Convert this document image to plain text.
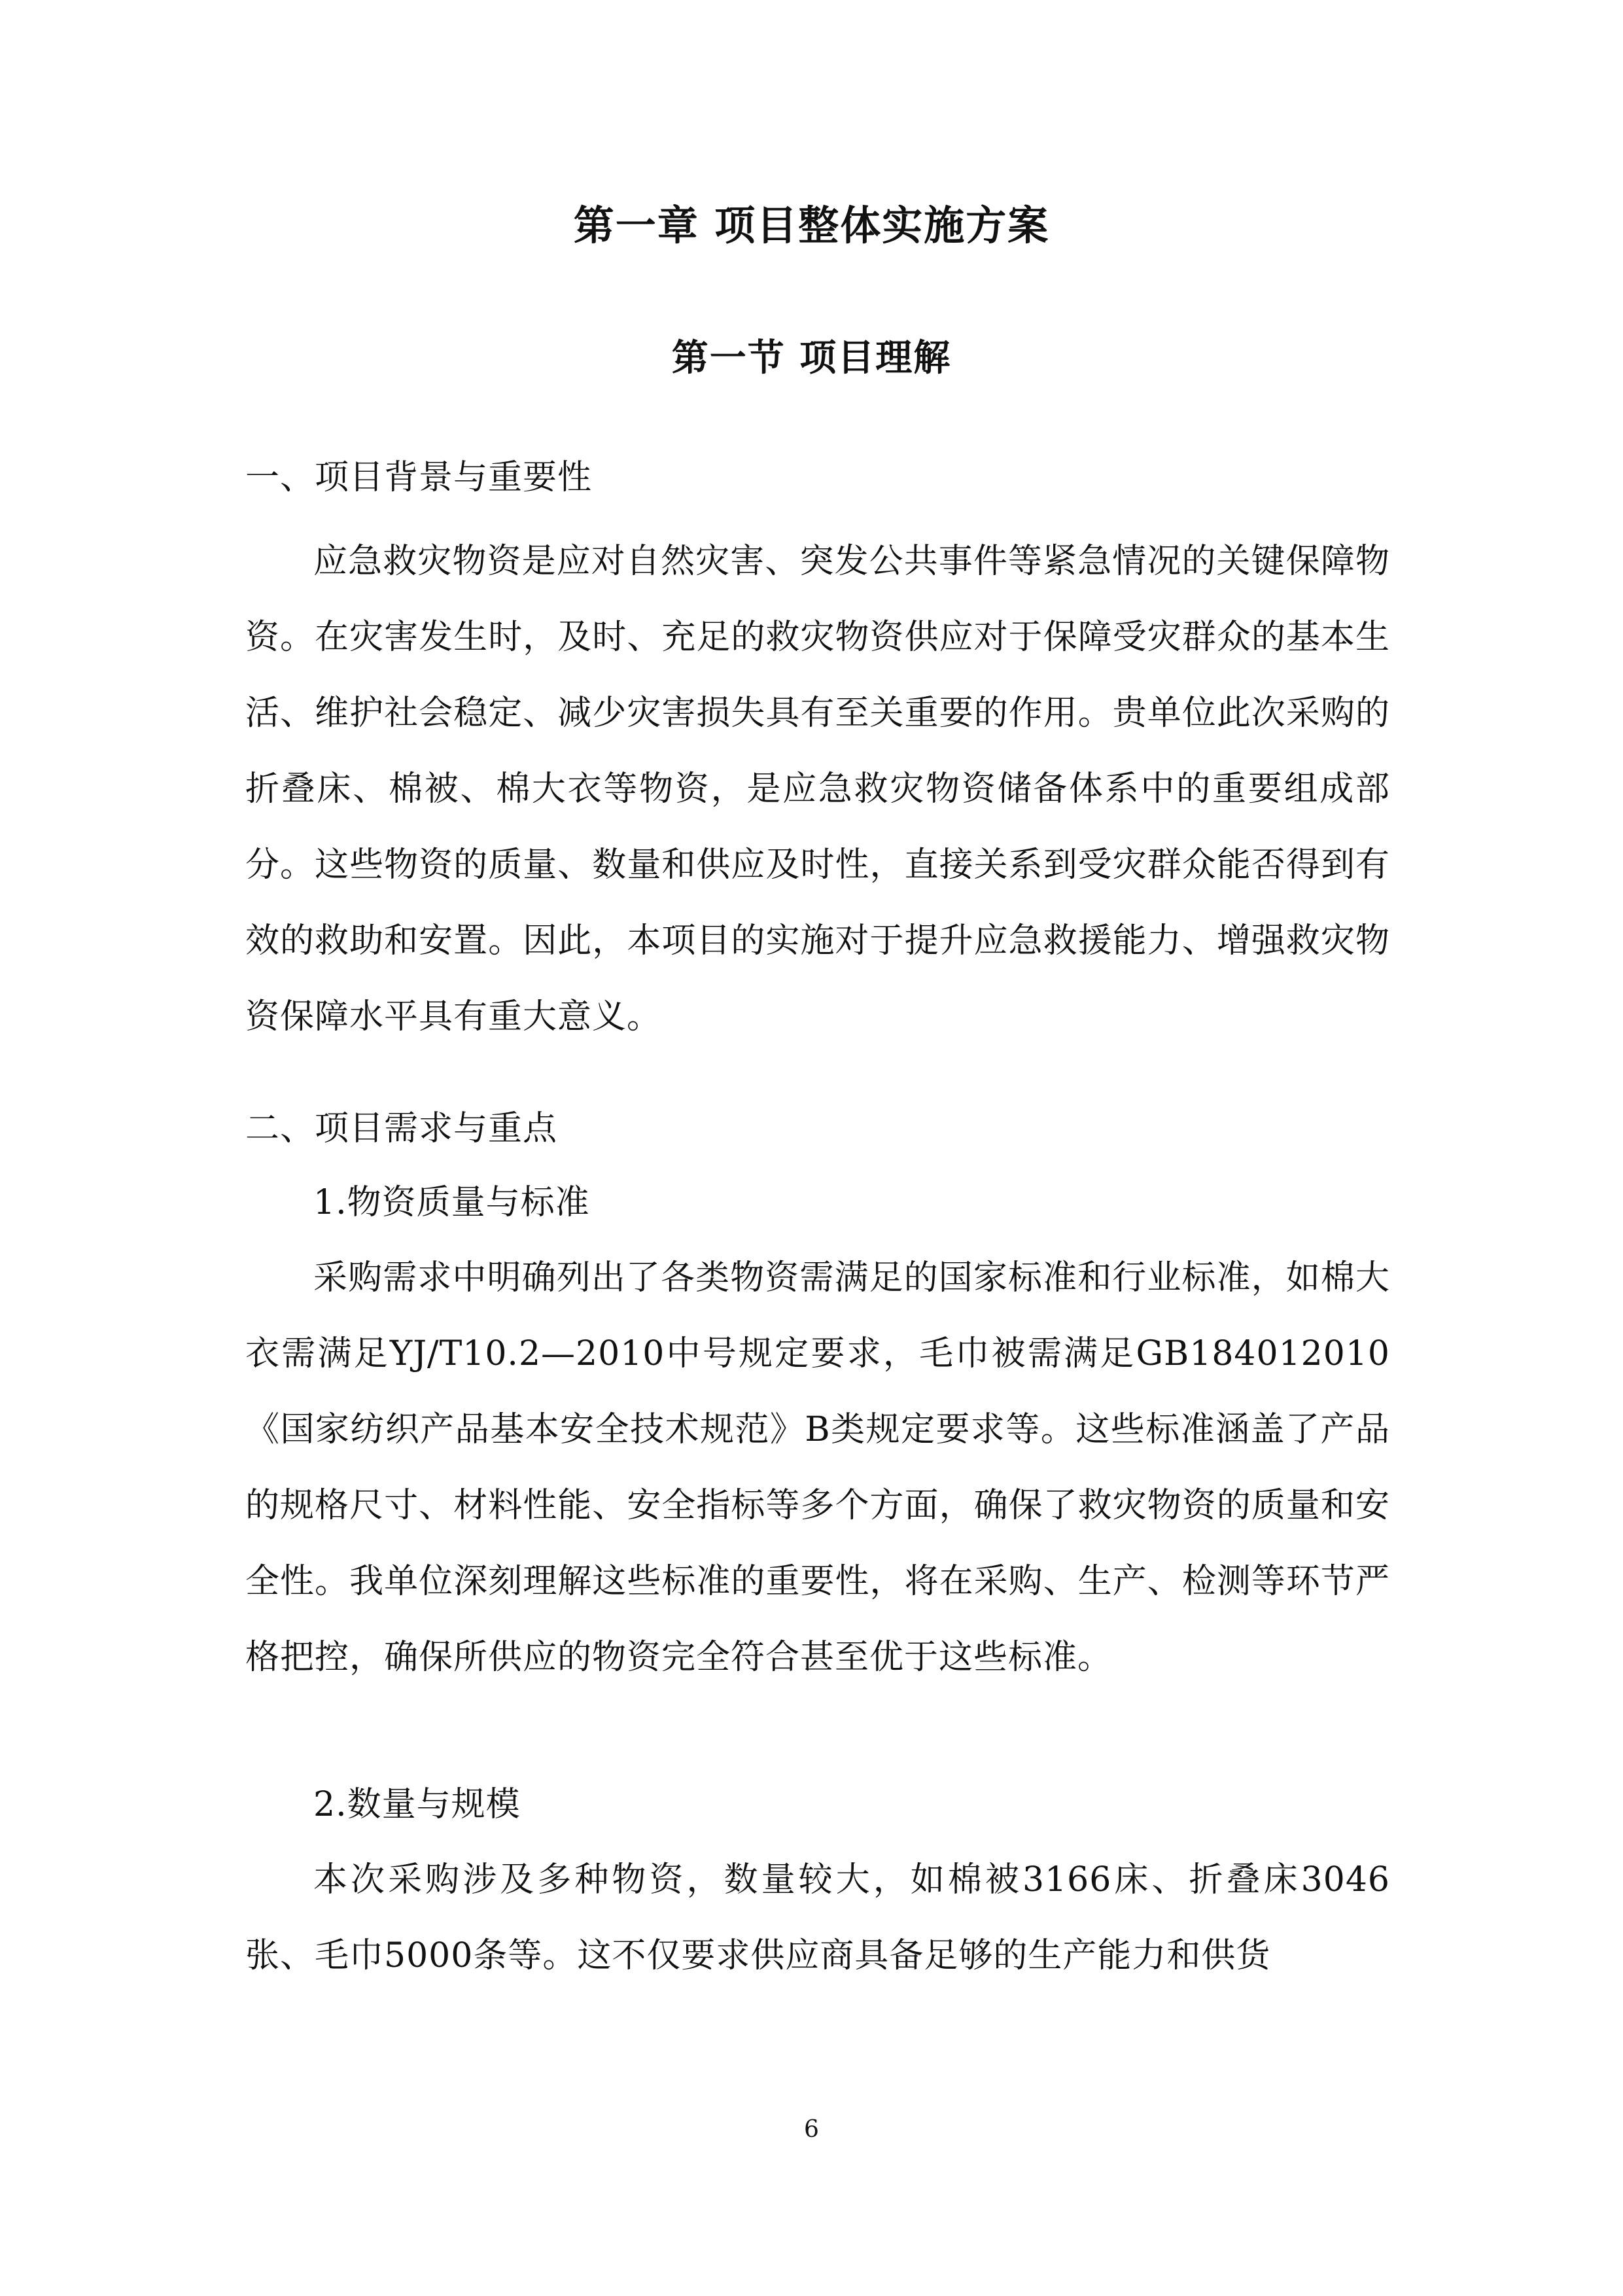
第一章 项目整体实施方案
第一节 项目理解

一、项目背景与重要性

应急救灾物资是应对自然灾害、突发公共事件等紧急情况的关键保障物资。在灾害发生时，及时、充足的救灾物资供应对于保障受灾群众的基本生活、维护社会稳定、减少灾害损失具有至关重要的作用。贵单位此次采购的折叠床、棉被、棉大衣等物资，是应急救灾物资储备体系中的重要组成部分。这些物资的质量、数量和供应及时性，直接关系到受灾群众能否得到有效的救助和安置。因此，本项目的实施对于提升应急救援能力、增强救灾物资保障水平具有重大意义。

二、项目需求与重点

1.物资质量与标准

采购需求中明确列出了各类物资需满足的国家标准和行业标准，如棉大衣需满足YJ/T10.2—2010中号规定要求，毛巾被需满足GB184012010《国家纺织产品基本安全技术规范》B类规定要求等。这些标准涵盖了产品的规格尺寸、材料性能、安全指标等多个方面，确保了救灾物资的质量和安全性。我单位深刻理解这些标准的重要性，将在采购、生产、检测等环节严格把控，确保所供应的物资完全符合甚至优于这些标准。

2.数量与规模

本次采购涉及多种物资，数量较大，如棉被3166床、折叠床3046张、毛巾5000条等。这不仅要求供应商具备足够的生产能力和供货

6
